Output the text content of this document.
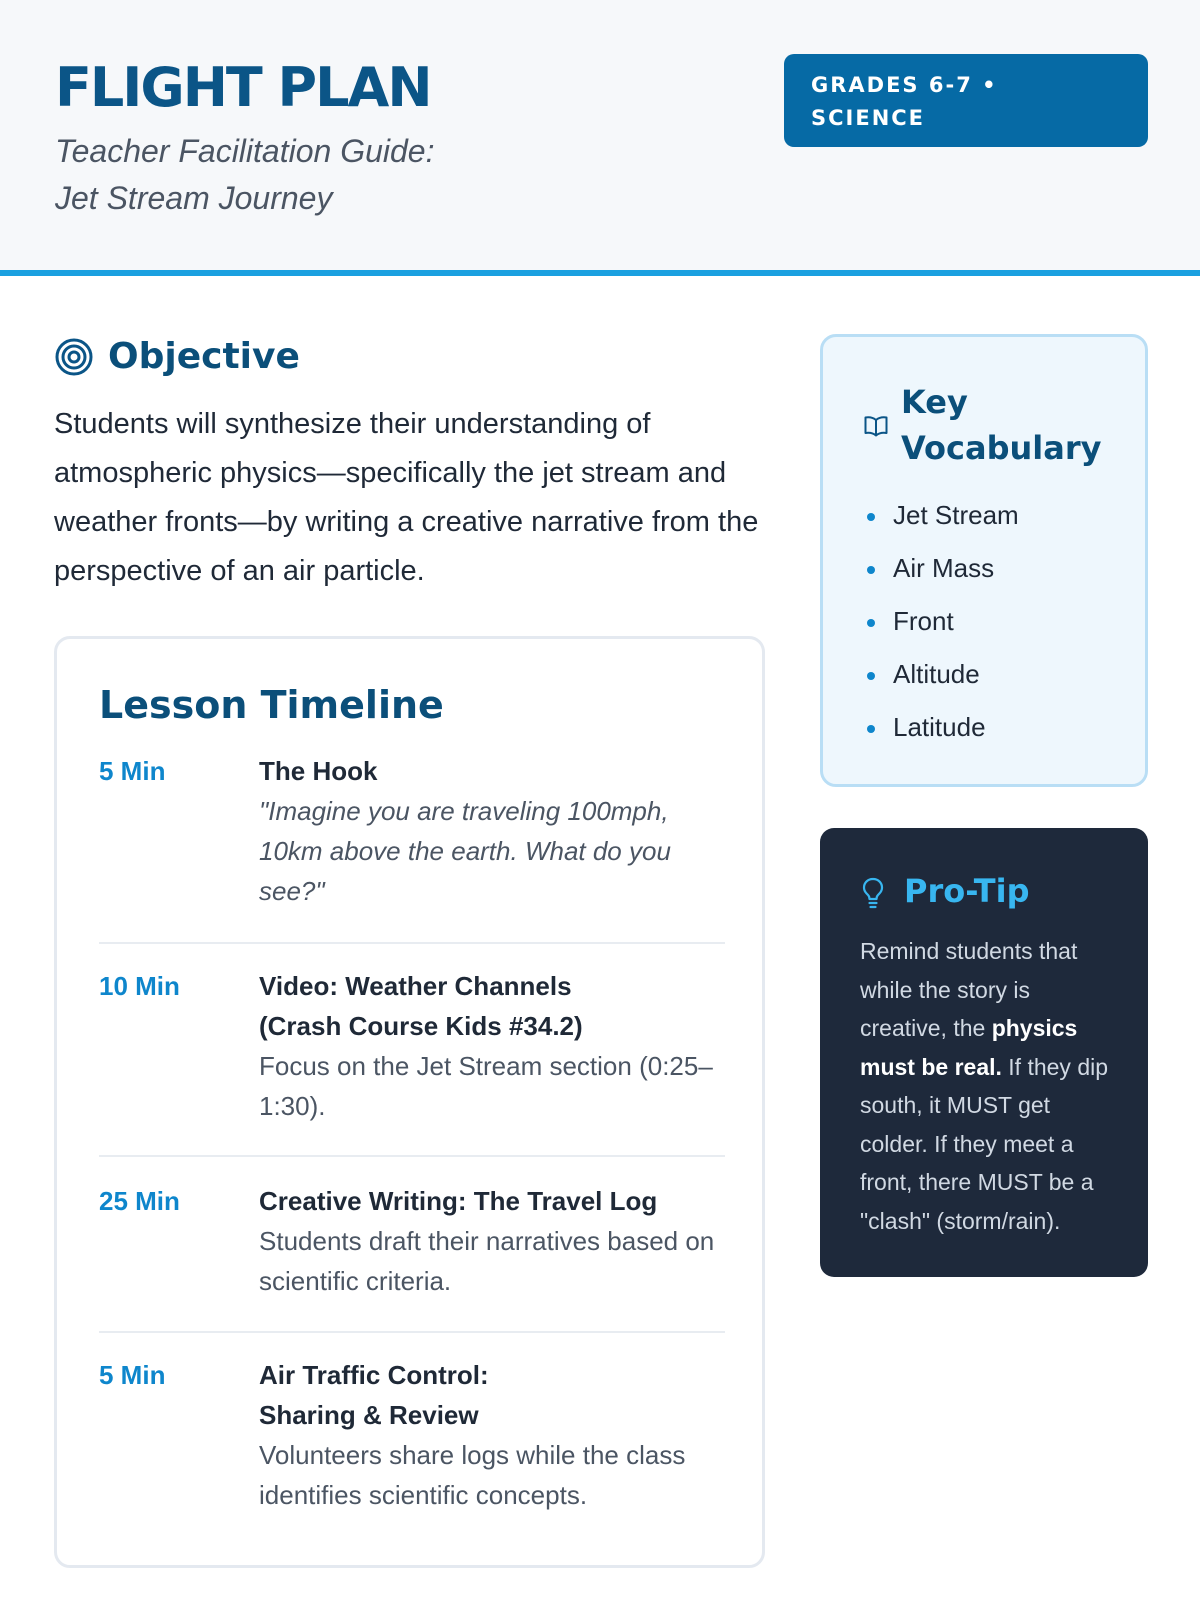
FLIGHT PLAN
Teacher Facilitation Guide:
Jet Stream Journey
GRADES 6-7 •
SCIENCE
Objective

Students will synthesize their understanding of atmospheric physics—specifically the jet stream and weather fronts—by writing a creative narrative from the perspective of an air particle.

Lesson Timeline
5 Min	The Hook
"Imagine you are traveling 100mph, 10km above the earth. What do you see?"
10 Min	Video: Weather Channels
(Crash Course Kids #34.2)
Focus on the Jet Stream section (0:25–1:30).
25 Min	Creative Writing: The Travel Log
Students draft their narratives based on scientific criteria.
5 Min	Air Traffic Control:
Sharing & Review
Volunteers share logs while the class identifies scientific concepts.
Key
Vocabulary
Jet Stream
Air Mass
Front
Altitude
Latitude
Pro-Tip

Remind students that while the story is creative, the physics must be real. If they dip south, it MUST get colder. If they meet a front, there MUST be a "clash" (storm/rain).
